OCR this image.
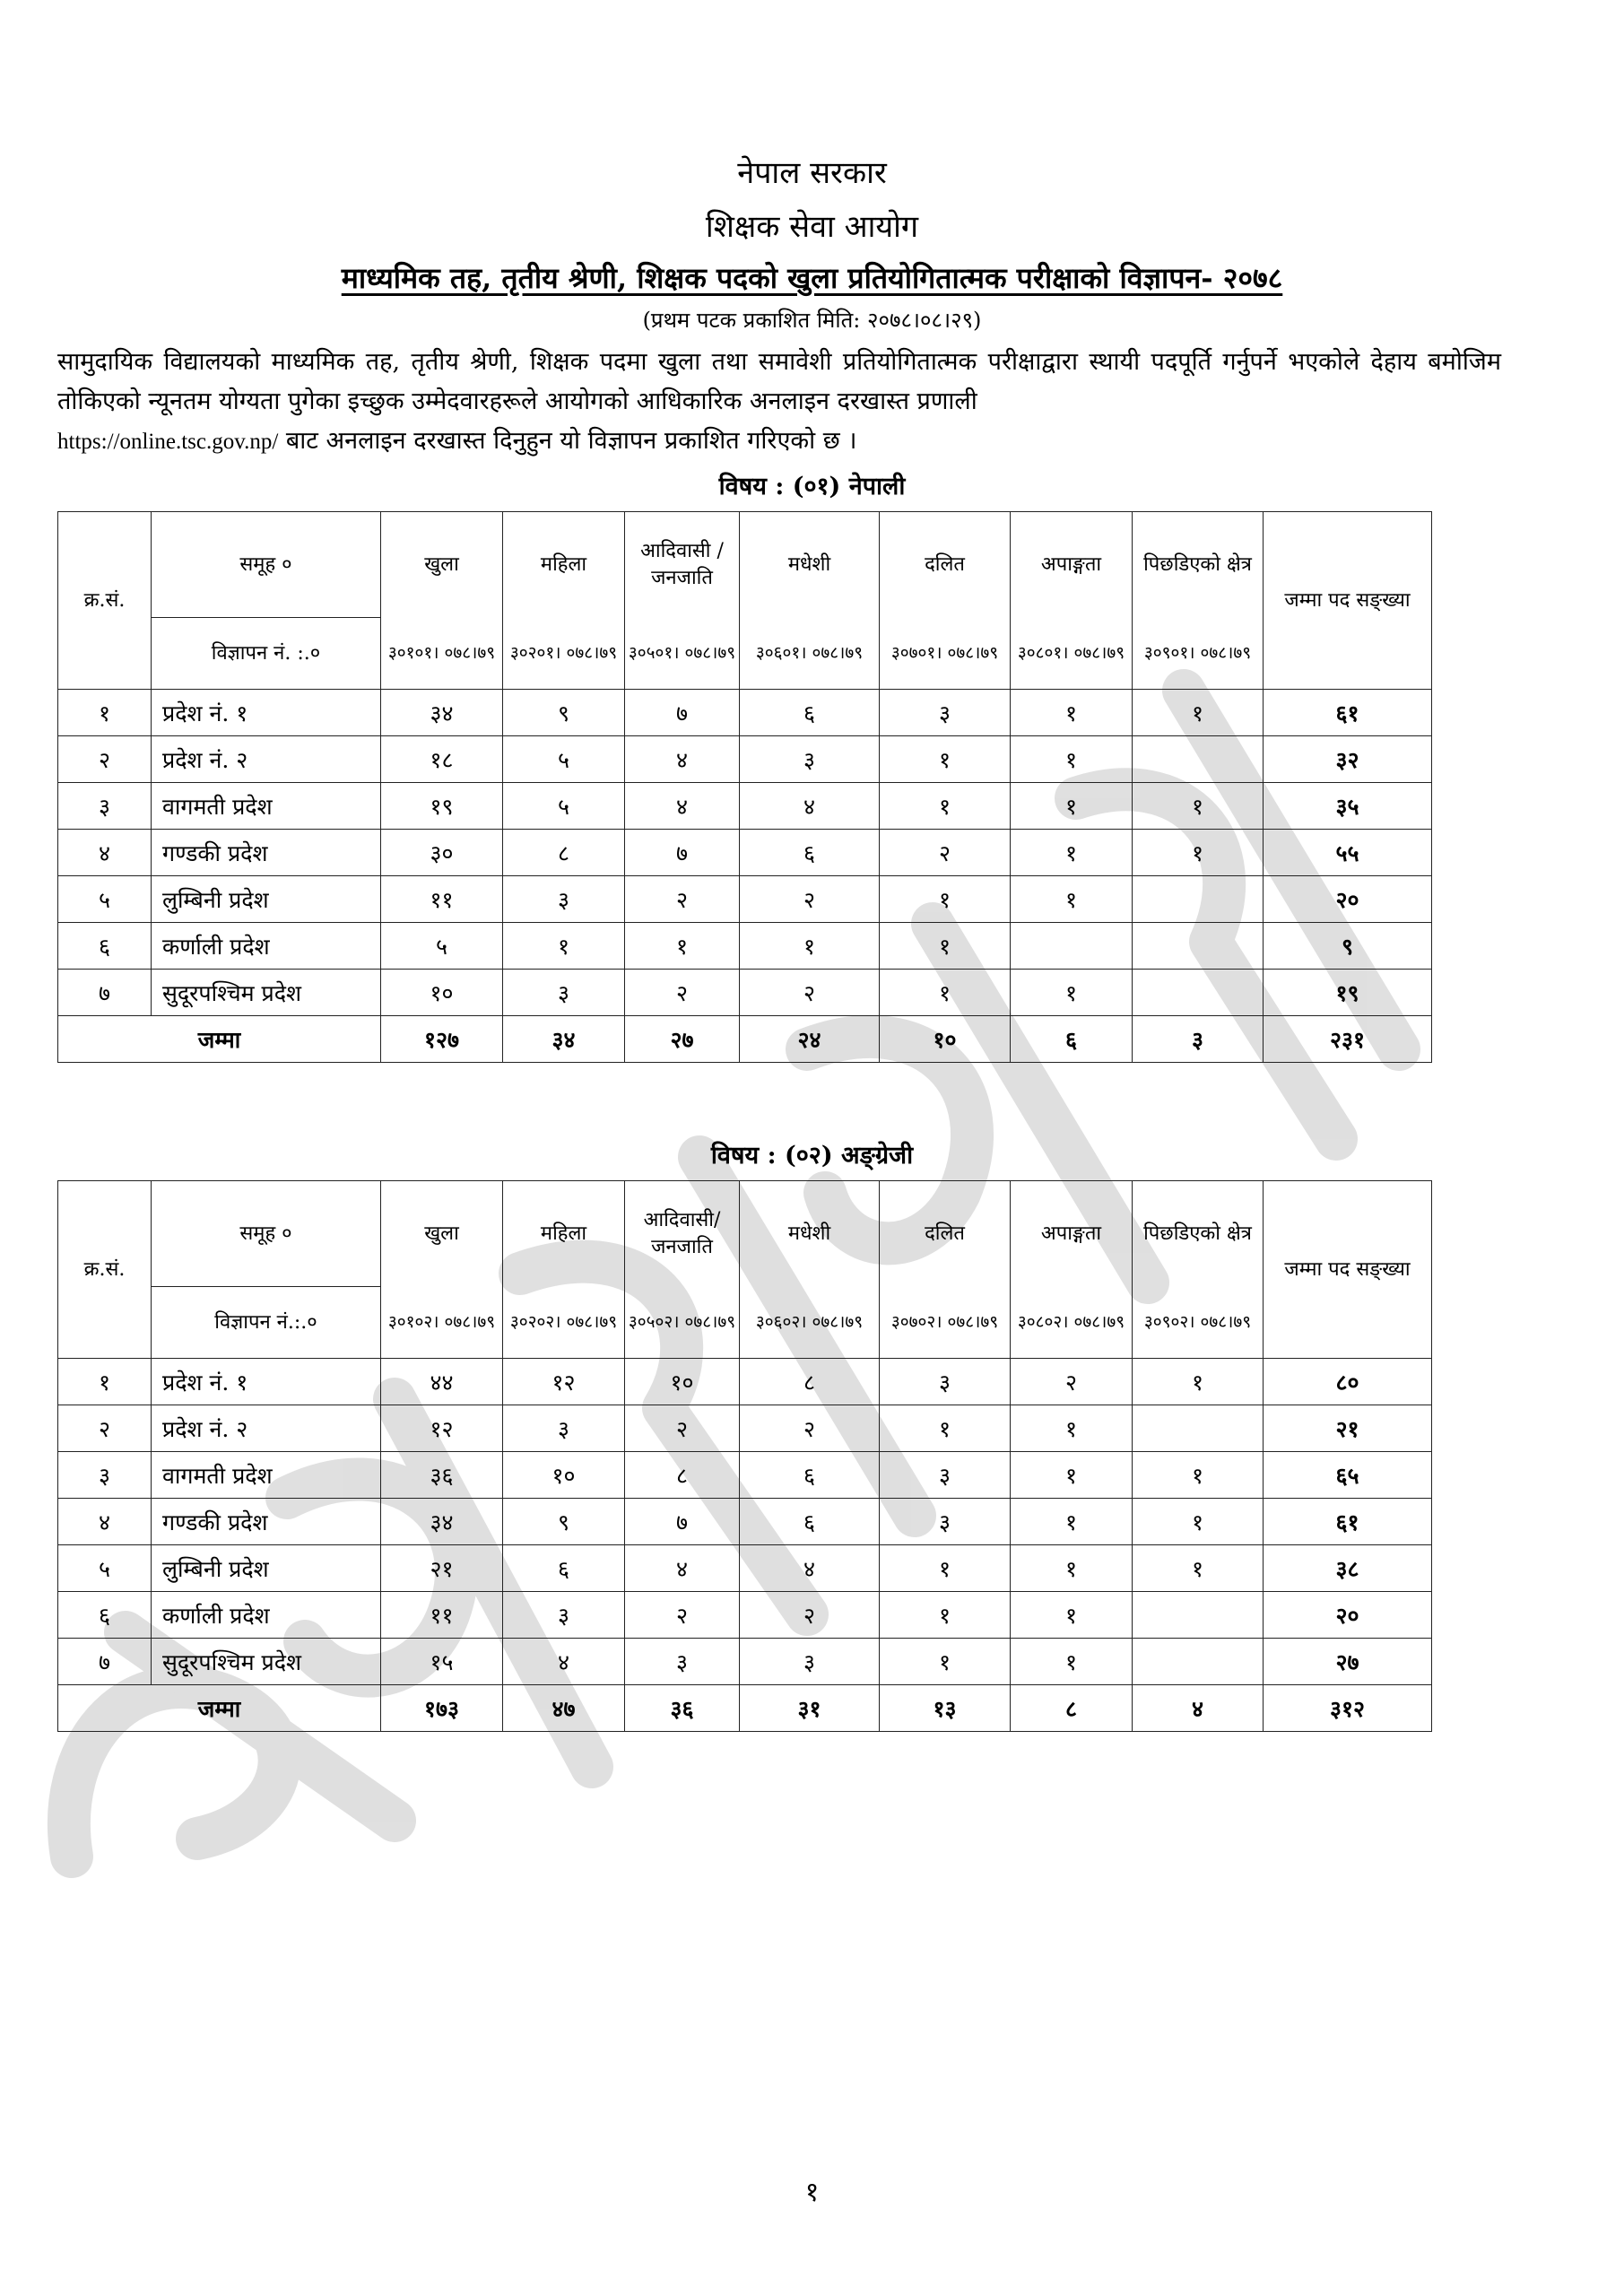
नेपाल सरकार
शिक्षक सेवा आयोग
माध्यमिक तह, तृतीय श्रेणी, शिक्षक पदको खुला प्रतियोगितात्मक परीक्षाको विज्ञापन- २०७८
(प्रथम पटक प्रकाशित मिति: २०७८।०८।२९)
सामुदायिक विद्यालयको माध्यमिक तह, तृतीय श्रेणी, शिक्षक पदमा खुला तथा समावेशी प्रतियोगितात्मक परीक्षाद्वारा स्थायी पदपूर्ति गर्नुपर्ने भएकोले देहाय बमोजिम तोकिएको न्यूनतम योग्यता पुगेका इच्छुक उम्मेदवारहरूले आयोगको आधिकारिक अनलाइन दरखास्त प्रणाली
https://online.tsc.gov.np/ बाट अनलाइन दरखास्त दिनुहुन यो विज्ञापन प्रकाशित गरिएको छ ।
विषय : (०१) नेपाली
क्र.सं.	समूह ०	खुला	महिला	आदिवासी / जनजाति	मधेशी	दलित	अपाङ्गता	पिछडिएको क्षेत्र	जम्मा पद सङ्ख्या
	विज्ञापन नं. :.०	३०१०१। ०७८।७९	३०२०१। ०७८।७९	३०५०१। ०७८।७९	३०६०१। ०७८।७९	३०७०१। ०७८।७९	३०८०१। ०७८।७९	३०९०१। ०७८।७९	
१	प्रदेश नं. १	३४	९	७	६	३	१	१	६१
२	प्रदेश नं. २	१८	५	४	३	१	१		३२
३	वागमती प्रदेश	१९	५	४	४	१	१	१	३५
४	गण्डकी प्रदेश	३०	८	७	६	२	१	१	५५
५	लुम्बिनी प्रदेश	११	३	२	२	१	१		२०
६	कर्णाली प्रदेश	५	१	१	१	१			९
७	सुदूरपश्चिम प्रदेश	१०	३	२	२	१	१		१९
जम्मा		१२७	३४	२७	२४	१०	६	३	२३१
विषय : (०२) अङ्ग्रेजी
क्र.सं.	समूह ०	खुला	महिला	आदिवासी/ जनजाति	मधेशी	दलित	अपाङ्गता	पिछडिएको क्षेत्र	जम्मा पद सङ्ख्या
	विज्ञापन नं.:.०	३०१०२। ०७८।७९	३०२०२। ०७८।७९	३०५०२। ०७८।७९	३०६०२। ०७८।७९	३०७०२। ०७८।७९	३०८०२। ०७८।७९	३०९०२। ०७८।७९	
१	प्रदेश नं. १	४४	१२	१०	८	३	२	१	८०
२	प्रदेश नं. २	१२	३	२	२	१	१		२१
३	वागमती प्रदेश	३६	१०	८	६	३	१	१	६५
४	गण्डकी प्रदेश	३४	९	७	६	३	१	१	६१
५	लुम्बिनी प्रदेश	२१	६	४	४	१	१	१	३८
६	कर्णाली प्रदेश	११	३	२	२	१	१		२०
७	सुदूरपश्चिम प्रदेश	१५	४	३	३	१	१		२७
जम्मा		१७३	४७	३६	३१	१३	८	४	३१२
१
